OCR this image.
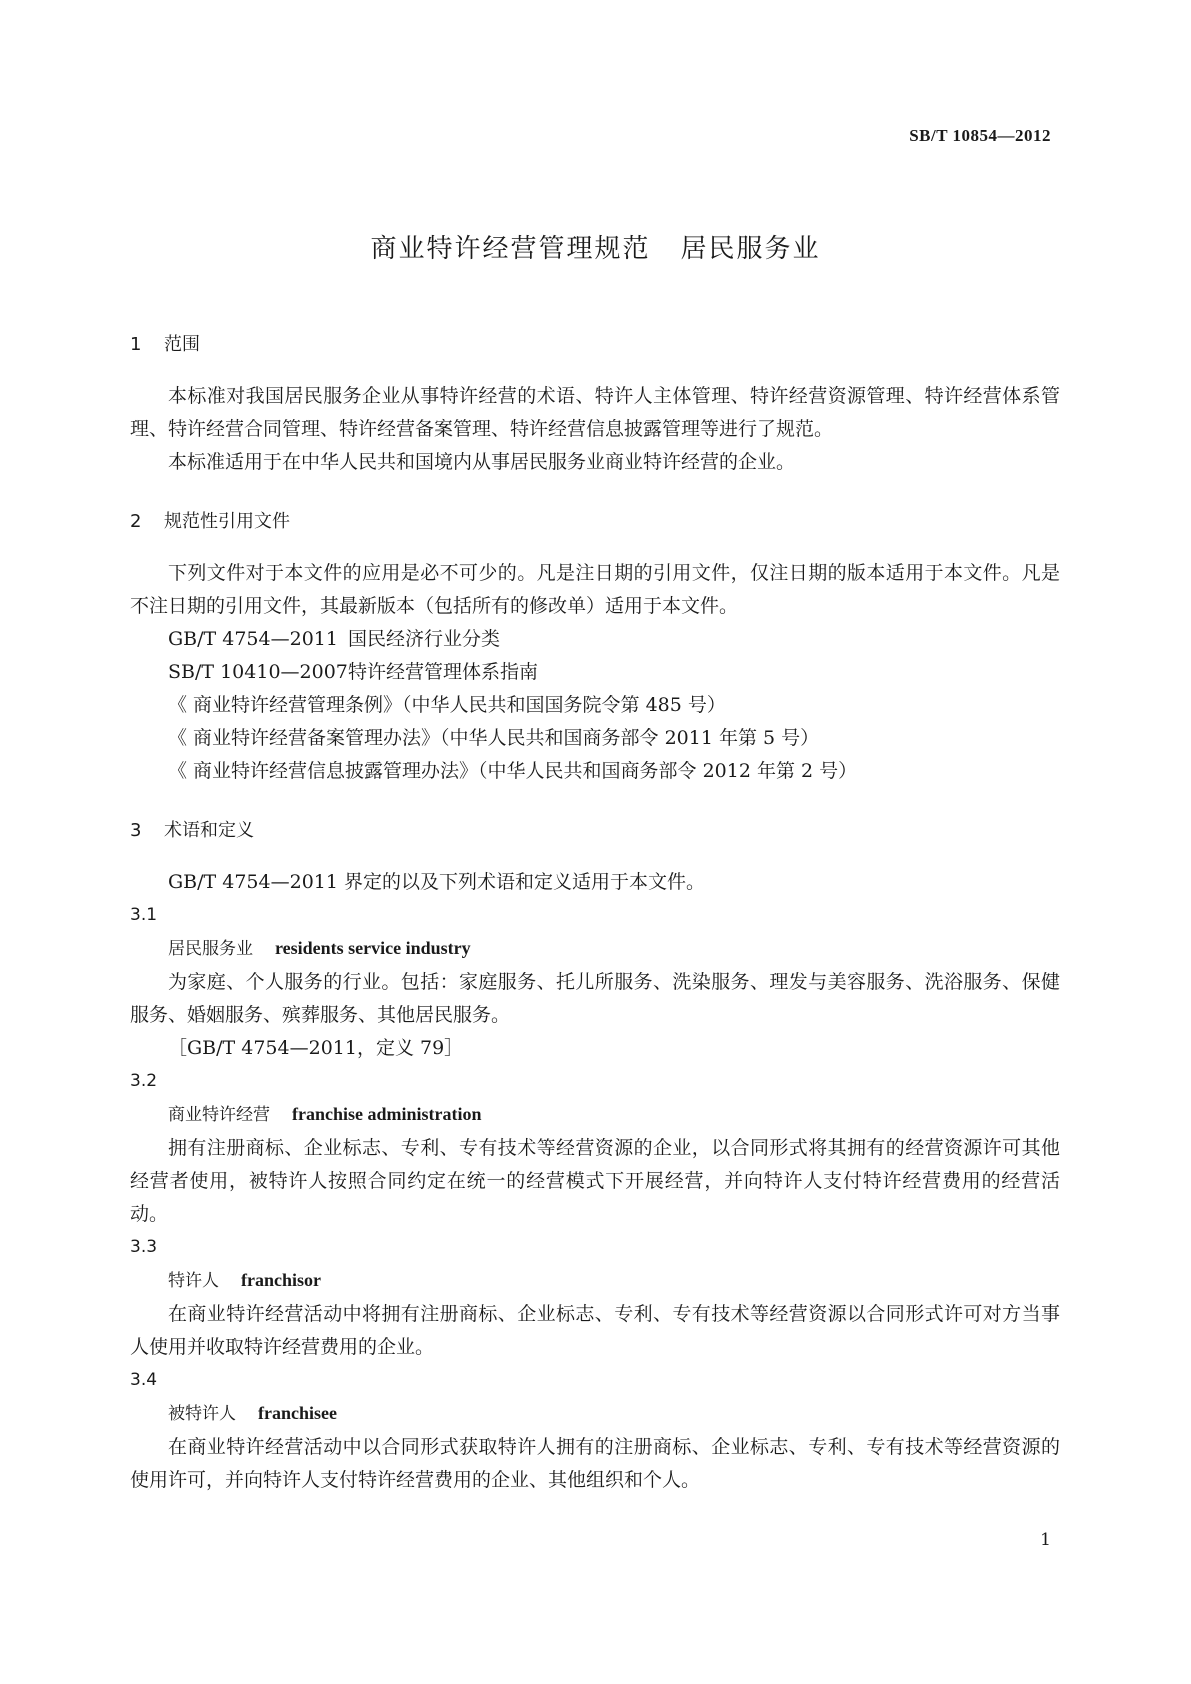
SB/T 10854—2012
商业特许经营管理规范 居民服务业

1 范围

本标准对我国居民服务企业从事特许经营的术语、特许人主体管理、特许经营资源管理、特许经营体系管理、特许经营合同管理、特许经营备案管理、特许经营信息披露管理等进行了规范。

本标准适用于在中华人民共和国境内从事居民服务业商业特许经营的企业。

2 规范性引用文件

下列文件对于本文件的应用是必不可少的。凡是注日期的引用文件，仅注日期的版本适用于本文件。凡是不注日期的引用文件，其最新版本（包括所有的修改单）适用于本文件。

GB/T 4754—2011 国民经济行业分类

SB/T 10410—2007特许经营管理体系指南

《 商业特许经营管理条例》（中华人民共和国国务院令第 485 号）

《 商业特许经营备案管理办法》（中华人民共和国商务部令 2011 年第 5 号）

《 商业特许经营信息披露管理办法》（中华人民共和国商务部令 2012 年第 2 号）

3 术语和定义

GB/T 4754—2011 界定的以及下列术语和定义适用于本文件。

3.1

居民服务业 residents service industry

为家庭、个人服务的行业。包括：家庭服务、托儿所服务、洗染服务、理发与美容服务、洗浴服务、保健服务、婚姻服务、殡葬服务、其他居民服务。

［GB/T 4754—2011，定义 79］

3.2

商业特许经营 franchise administration

拥有注册商标、企业标志、专利、专有技术等经营资源的企业，以合同形式将其拥有的经营资源许可其他经营者使用，被特许人按照合同约定在统一的经营模式下开展经营，并向特许人支付特许经营费用的经营活动。

3.3

特许人 franchisor

在商业特许经营活动中将拥有注册商标、企业标志、专利、专有技术等经营资源以合同形式许可对方当事人使用并收取特许经营费用的企业。

3.4

被特许人 franchisee

在商业特许经营活动中以合同形式获取特许人拥有的注册商标、企业标志、专利、专有技术等经营资源的使用许可，并向特许人支付特许经营费用的企业、其他组织和个人。

1
